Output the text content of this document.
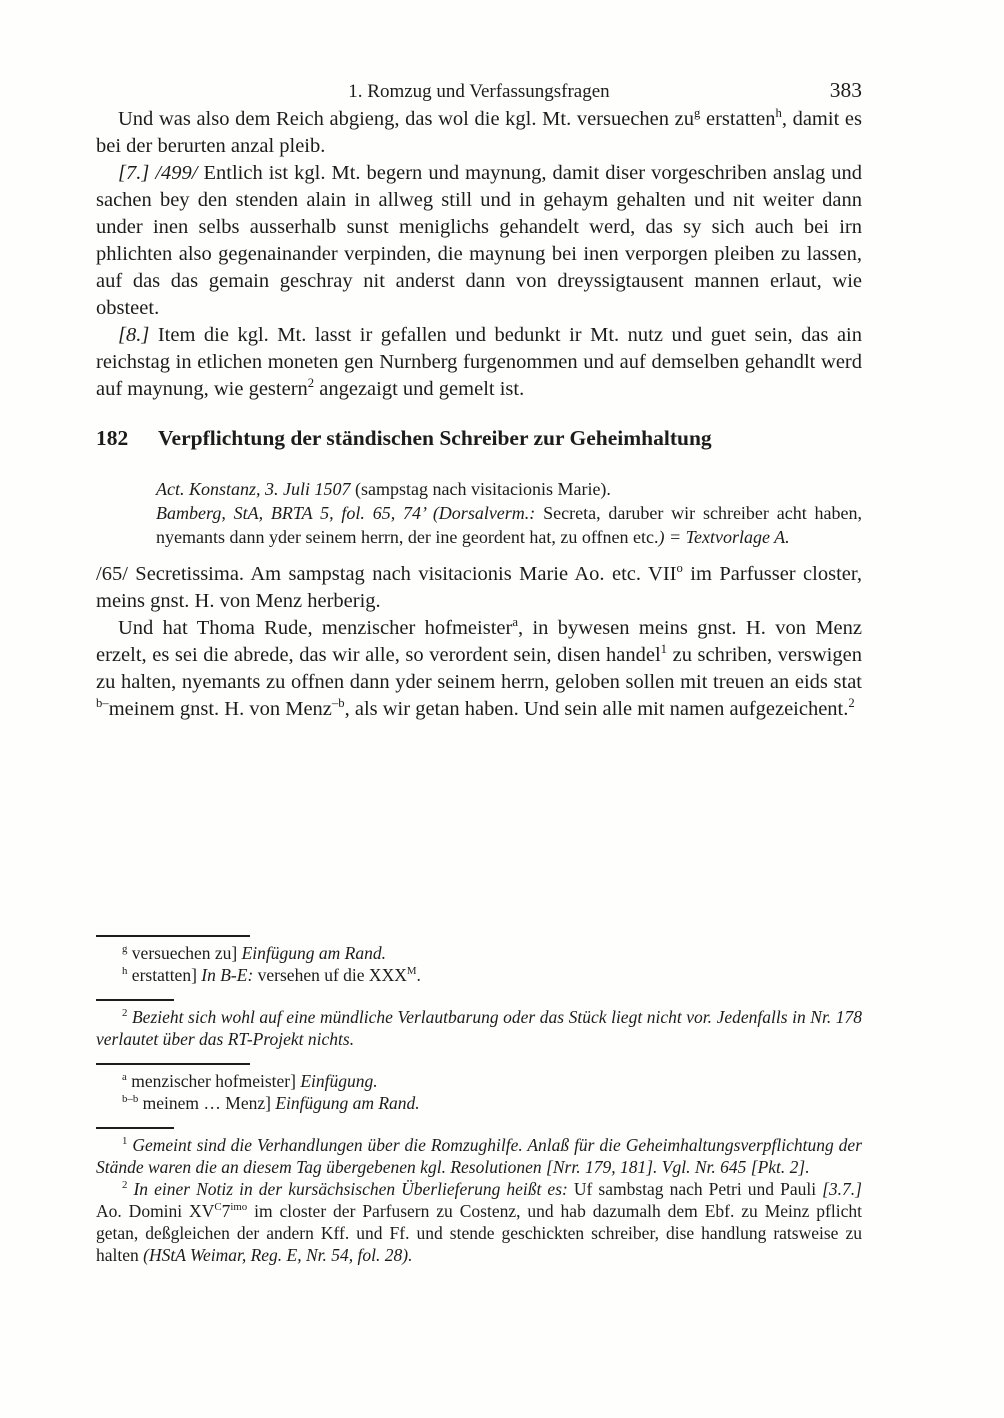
1. Romzug und Verfassungsfragen	383

Und was also dem Reich abgieng, das wol die kgl. Mt. versuechen $zu^g$ erstatten$^h$, damit es bei der berurten anzal pleib.

[7.] /499/ Entlich ist kgl. Mt. begern und maynung, damit diser vorgeschriben anslag und sachen bey den stenden alain in allweg still und in gehaym gehalten und nit weiter dann under inen selbs ausserhalb sunst meniglichs gehandelt werd, das sy sich auch bei irn phlichten also gegenainander verpinden, die maynung bei inen verporgen pleiben zu lassen, auf das das gemain geschray nit anderst dann von dreyssigtausent mannen erlaut, wie obsteet.

[8.] Item die kgl. Mt. lasst ir gefallen und bedunkt ir Mt. nutz und guet sein, das ain reichstag in etlichen moneten gen Nurnberg furgenommen und auf demselben gehandlt werd auf maynung, wie gestern$^2$ angezaigt und gemelt ist.

182 Verpflichtung der ständischen Schreiber zur Geheimhaltung

Act. Konstanz, 3. Juli 1507 (sampstag nach visitacionis Marie).

Bamberg, StA, BRTA 5, fol. 65, 74’ (Dorsalverm.: Secreta, daruber wir schreiber acht haben, nyemants dann yder seinem herrn, der ine geordent hat, zu offnen etc.) = Textvorlage A.

/65/ Secretissima. Am sampstag nach visitacionis Marie Ao. etc. VII$^o$ im Parfusser closter, meins gnst. H. von Menz herberig.

Und hat Thoma Rude, menzischer hofmeister$^a$, in bywesen meins gnst. H. von Menz erzelt, es sei die abrede, das wir alle, so verordent sein, disen handel$^1$ zu schriben, verswigen zu halten, nyemants zu offnen dann yder seinem herrn, geloben sollen mit treuen an eids stat $^{b-}$meinem gnst. H. von Menz$^{-b}$, als wir getan haben. Und sein alle mit namen aufgezeichent.$^2$

$^g$ versuechen zu] Einfügung am Rand.

$^h$ erstatten] In B-E: versehen uf die $XXX^M$.

$^2$ Bezieht sich wohl auf eine mündliche Verlautbarung oder das Stück liegt nicht vor. Jedenfalls in Nr. 178 verlautet über das RT-Projekt nichts.

$^a$ menzischer hofmeister] Einfügung.

$^{b-b}$ meinem … Menz] Einfügung am Rand.

$^1$ Gemeint sind die Verhandlungen über die Romzughilfe. Anlaß für die Geheimhaltungsverpflichtung der Stände waren die an diesem Tag übergebenen kgl. Resolutionen [Nrr. 179, 181]. Vgl. Nr. 645 [Pkt. 2].

$^2$ In einer Notiz in der kursächsischen Überlieferung heißt es: Uf sambstag nach Petri und Pauli [3.7.] Ao. Domini $XV^C7^{imo}$ im closter der Parfusern zu Costenz, und hab dazumalh dem Ebf. zu Meinz pflicht getan, deßgleichen der andern Kff. und Ff. und stende geschickten schreiber, dise handlung ratsweise zu halten (HStA Weimar, Reg. E, Nr. 54, fol. 28).
